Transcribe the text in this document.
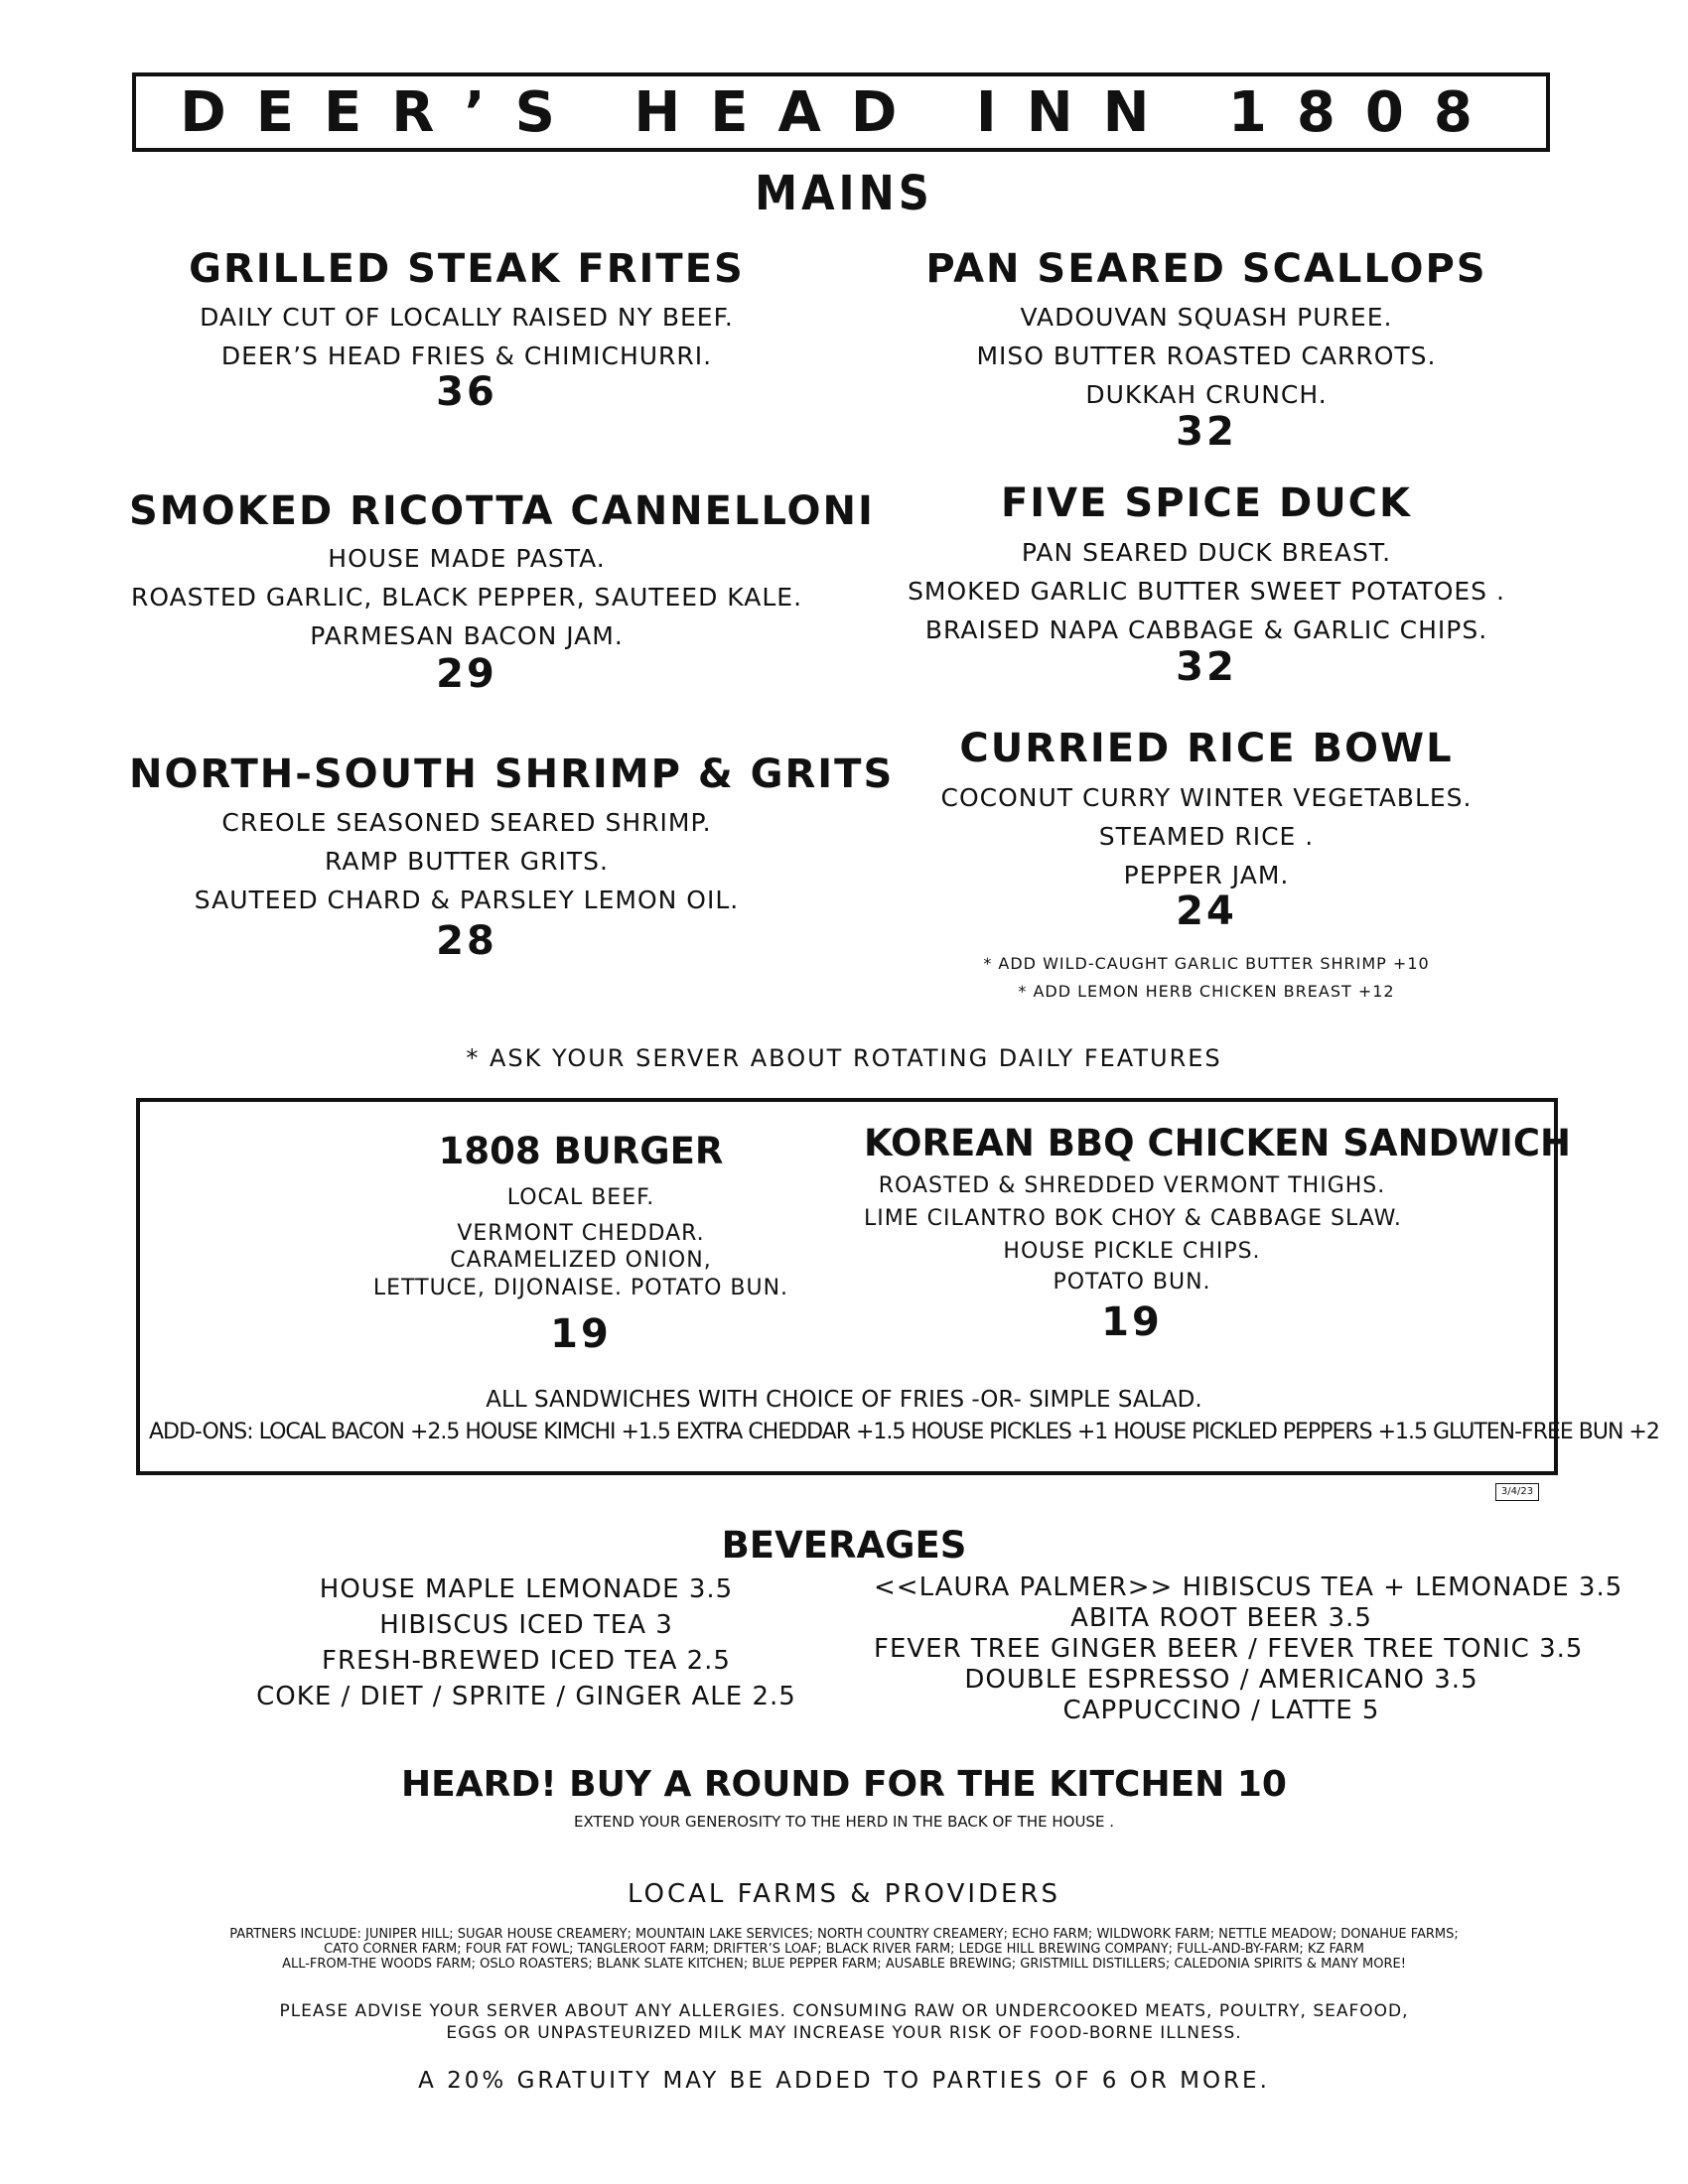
DEER’S HEAD INN 1808
MAINS
GRILLED STEAK FRITES
DAILY CUT OF LOCALLY RAISED NY BEEF.
DEER’S HEAD FRIES & CHIMICHURRI.
36
PAN SEARED SCALLOPS
VADOUVAN SQUASH PUREE.
MISO BUTTER ROASTED CARROTS.
DUKKAH CRUNCH.
32
SMOKED RICOTTA CANNELLONI
HOUSE MADE PASTA.
ROASTED GARLIC, BLACK PEPPER, SAUTEED KALE.
PARMESAN BACON JAM.
29
FIVE SPICE DUCK
PAN SEARED DUCK BREAST.
SMOKED GARLIC BUTTER SWEET POTATOES .
BRAISED NAPA CABBAGE & GARLIC CHIPS.
32
NORTH-SOUTH SHRIMP & GRITS
CREOLE SEASONED SEARED SHRIMP.
RAMP BUTTER GRITS.
SAUTEED CHARD & PARSLEY LEMON OIL.
28
CURRIED RICE BOWL
COCONUT CURRY WINTER VEGETABLES.
STEAMED RICE .
PEPPER JAM.
24
* ADD WILD-CAUGHT GARLIC BUTTER SHRIMP +10
* ADD LEMON HERB CHICKEN BREAST +12
* ASK YOUR SERVER ABOUT ROTATING DAILY FEATURES
1808 BURGER
LOCAL BEEF.
VERMONT CHEDDAR.
CARAMELIZED ONION,
LETTUCE, DIJONAISE. POTATO BUN.
19
KOREAN BBQ CHICKEN SANDWICH
ROASTED & SHREDDED VERMONT THIGHS.
LIME CILANTRO BOK CHOY & CABBAGE SLAW.
HOUSE PICKLE CHIPS.
POTATO BUN.
19
ALL SANDWICHES WITH CHOICE OF FRIES -OR- SIMPLE SALAD.
ADD-ONS: LOCAL BACON +2.5 HOUSE KIMCHI +1.5 EXTRA CHEDDAR +1.5 HOUSE PICKLES +1 HOUSE PICKLED PEPPERS +1.5 GLUTEN-FREE BUN +2
3/4/23
BEVERAGES
HOUSE MAPLE LEMONADE 3.5
HIBISCUS ICED TEA 3
FRESH-BREWED ICED TEA 2.5
COKE / DIET / SPRITE / GINGER ALE 2.5
<<LAURA PALMER>> HIBISCUS TEA + LEMONADE 3.5
ABITA ROOT BEER 3.5
FEVER TREE GINGER BEER / FEVER TREE TONIC 3.5
DOUBLE ESPRESSO / AMERICANO 3.5
CAPPUCCINO / LATTE 5
HEARD! BUY A ROUND FOR THE KITCHEN 10
EXTEND YOUR GENEROSITY TO THE HERD IN THE BACK OF THE HOUSE .
LOCAL FARMS & PROVIDERS
PARTNERS INCLUDE: JUNIPER HILL; SUGAR HOUSE CREAMERY; MOUNTAIN LAKE SERVICES; NORTH COUNTRY CREAMERY; ECHO FARM; WILDWORK FARM; NETTLE MEADOW; DONAHUE FARMS;
CATO CORNER FARM; FOUR FAT FOWL; TANGLEROOT FARM; DRIFTER’S LOAF; BLACK RIVER FARM; LEDGE HILL BREWING COMPANY; FULL-AND-BY-FARM; KZ FARM
ALL-FROM-THE WOODS FARM; OSLO ROASTERS; BLANK SLATE KITCHEN; BLUE PEPPER FARM; AUSABLE BREWING; GRISTMILL DISTILLERS; CALEDONIA SPIRITS & MANY MORE!
PLEASE ADVISE YOUR SERVER ABOUT ANY ALLERGIES. CONSUMING RAW OR UNDERCOOKED MEATS, POULTRY, SEAFOOD,
EGGS OR UNPASTEURIZED MILK MAY INCREASE YOUR RISK OF FOOD-BORNE ILLNESS.
A 20% GRATUITY MAY BE ADDED TO PARTIES OF 6 OR MORE.
